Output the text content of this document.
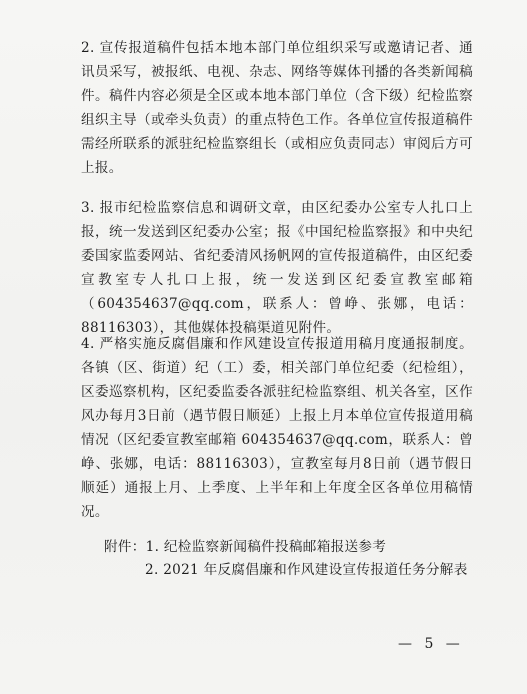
2. 宣传报道稿件包括本地本部门单位组织采写或邀请记者、通讯员采写，被报纸、电视、杂志、网络等媒体刊播的各类新闻稿件。稿件内容必须是全区或本地本部门单位（含下级）纪检监察组织主导（或牵头负责）的重点特色工作。各单位宣传报道稿件需经所联系的派驻纪检监察组长（或相应负责同志）审阅后方可上报。

3. 报市纪检监察信息和调研文章，由区纪委办公室专人扎口上报，统一发送到区纪委办公室；报《中国纪检监察报》和中央纪委国家监委网站、省纪委清风扬帆网的宣传报道稿件，由区纪委宣教室专人扎口上报，统一发送到区纪委宣教室邮箱（604354637@qq.com，联系人：曾峥、张娜，电话：88116303），其他媒体投稿渠道见附件。

4. 严格实施反腐倡廉和作风建设宣传报道用稿月度通报制度。各镇（区、街道）纪（工）委，相关部门单位纪委（纪检组），区委巡察机构，区纪委监委各派驻纪检监察组、机关各室，区作风办每月3日前（遇节假日顺延）上报上月本单位宣传报道用稿情况（区纪委宣教室邮箱 604354637@qq.com，联系人：曾峥、张娜，电话：88116303），宣教室每月8日前（遇节假日顺延）通报上月、上季度、上半年和上年度全区各单位用稿情况。

附件：1. 纪检监察新闻稿件投稿邮箱报送参考
2. 2021 年反腐倡廉和作风建设宣传报道任务分解表
— 5 —
